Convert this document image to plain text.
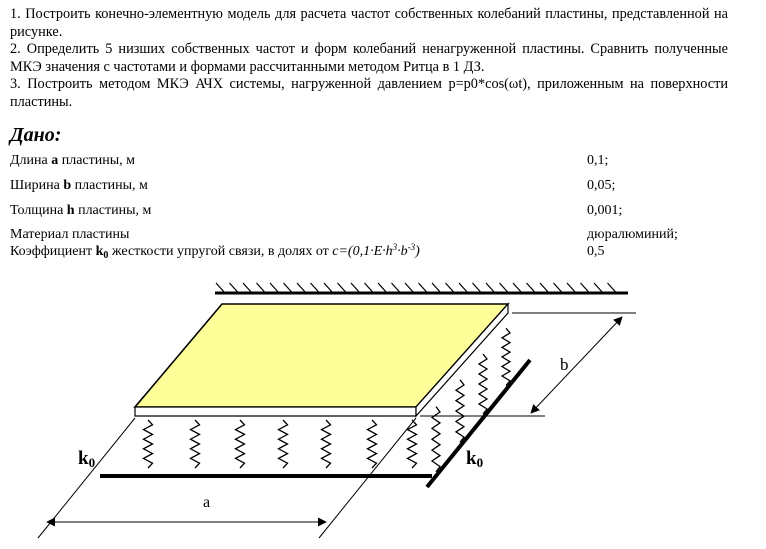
1. Построить конечно-элементную модель для расчета частот собственных колебаний пластины, представленной на рисунке.

2. Определить 5 низших собственных частот и форм колебаний ненагруженной пластины. Сравнить полученные МКЭ значения с частотами и формами рассчитанными методом Ритца в 1 ДЗ.

3. Построить методом МКЭ АЧХ системы, нагруженной давлением p=p0*cos(ωt), приложенным на поверхности пластины.

Дано:
Длина a пластины, м	0,1;
Ширина b пластины, м	0,05;
Толщина h пластины, м	0,001;
Материал пластины	дюралюминий;
Коэффициент $k_0$ жесткости упругой связи, в долях от $c=(0,1\cdot E\cdot h^3\cdot b^{-3})$	0,5
k0	k0
a
b
